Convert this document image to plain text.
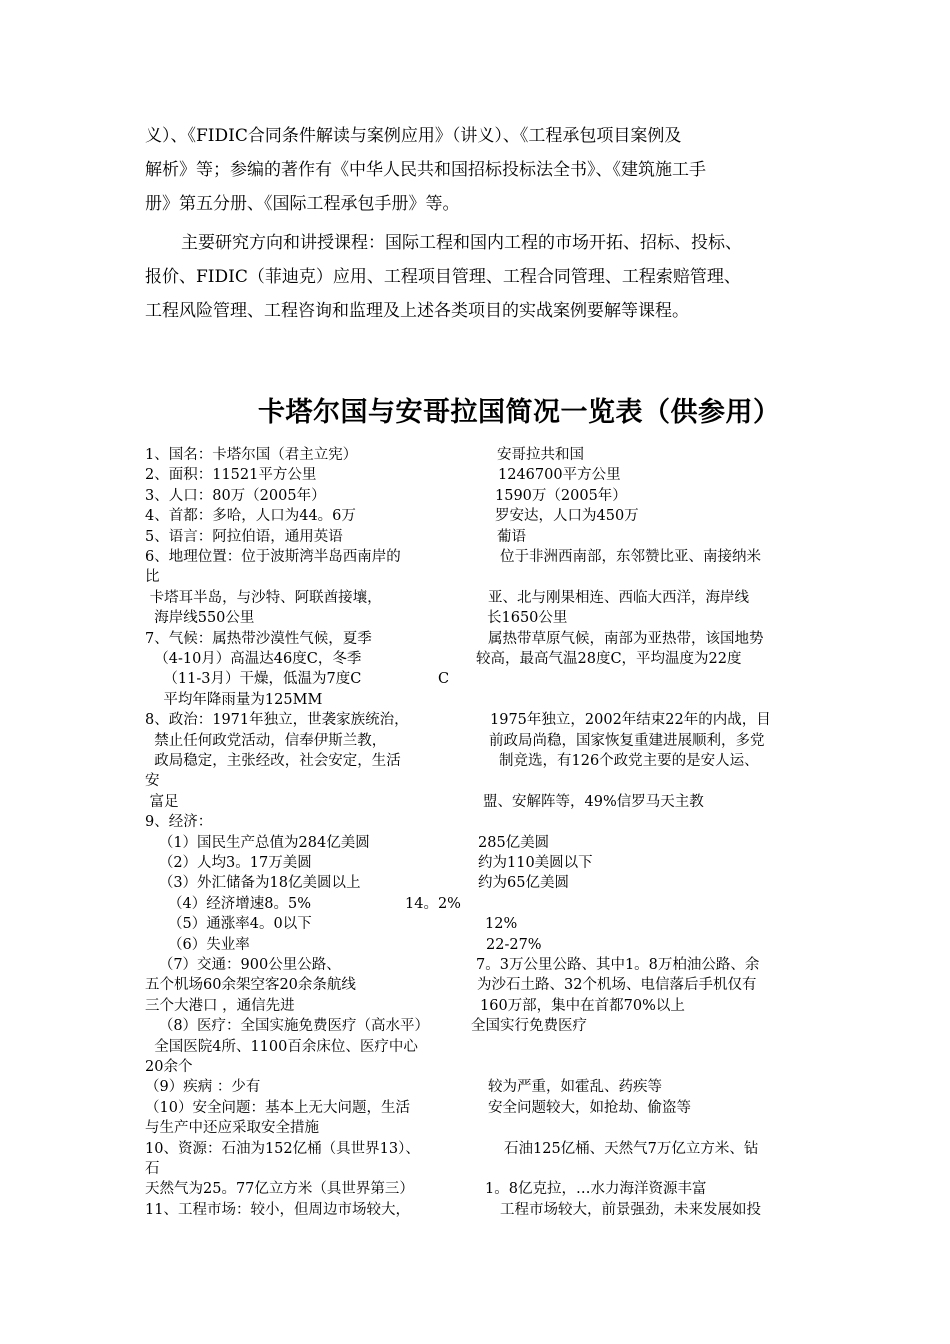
义）、《FIDIC合同条件解读与案例应用》（讲义）、《工程承包项目案例及

解析》等；参编的著作有《中华人民共和国招标投标法全书》、《建筑施工手

册》第五分册、《国际工程承包手册》等。

主要研究方向和讲授课程：国际工程和国内工程的市场开拓、招标、投标、

报价、FIDIC（菲迪克）应用、工程项目管理、工程合同管理、工程索赔管理、

工程风险管理、工程咨询和监理及上述各类项目的实战案例要解等课程。

卡塔尔国与安哥拉国简况一览表（供参用）
1、国名：卡塔尔国（君主立宪）	安哥拉共和国
2、面积：11521平方公里	1246700平方公里
3、人口：80万（2005年）	1590万（2005年）
4、首都：多哈，人口为44。6万	罗安达，人口为450万
5、语言：阿拉伯语，通用英语	葡语
6、地理位置：位于波斯湾半岛西南岸的	位于非洲西南部，东邻赞比亚、南接纳米
比
卡塔耳半岛，与沙特、阿联酋接壤，	亚、北与刚果相连、西临大西洋，海岸线
海岸线550公里	长1650公里
7、气候：属热带沙漠性气候，夏季	属热带草原气候，南部为亚热带，该国地势
（4-10月）高温达46度C，冬季	较高，最高气温28度C，平均温度为22度
（11-3月）干燥，低温为7度C	C
平均年降雨量为125MM
8、政治：1971年独立，世袭家族统治，	1975年独立，2002年结束22年的内战，目
禁止任何政党活动，信奉伊斯兰教，	前政局尚稳，国家恢复重建进展顺利，多党
政局稳定，主张经改，社会安定，生活	制竞选，有126个政党主要的是安人运、
安
富足	盟、安解阵等，49%信罗马天主教
9、经济：
（1）国民生产总值为284亿美圆	285亿美圆
（2）人均3。17万美圆	约为110美圆以下
（3）外汇储备为18亿美圆以上	约为65亿美圆
（4）经济增速8。5%	14。2%
（5）通涨率4。0以下	12%
（6）失业率	22-27%
（7）交通：900公里公路、	7。3万公里公路、其中1。8万柏油公路、余
五个机场60余架空客20余条航线	为沙石土路、32个机场、电信落后手机仅有
三个大港口 ，通信先进	160万部，集中在首都70%以上
（8）医疗：全国实施免费医疗（高水平）	全国实行免费医疗
全国医院4所、1100百余床位、医疗中心
20余个
（9）疾病 ：少有	较为严重，如霍乱、药疾等
（10）安全问题：基本上无大问题，生活	安全问题较大，如抢劫、偷盗等
与生产中还应采取安全措施
10、资源：石油为152亿桶（具世界13）、	石油125亿桶、天然气7万亿立方米、钻
石
天然气为25。77亿立方米（具世界第三）	1。8亿克拉，…水力海洋资源丰富
11、工程市场：较小，但周边市场较大，	工程市场较大，前景强劲，未来发展如投
